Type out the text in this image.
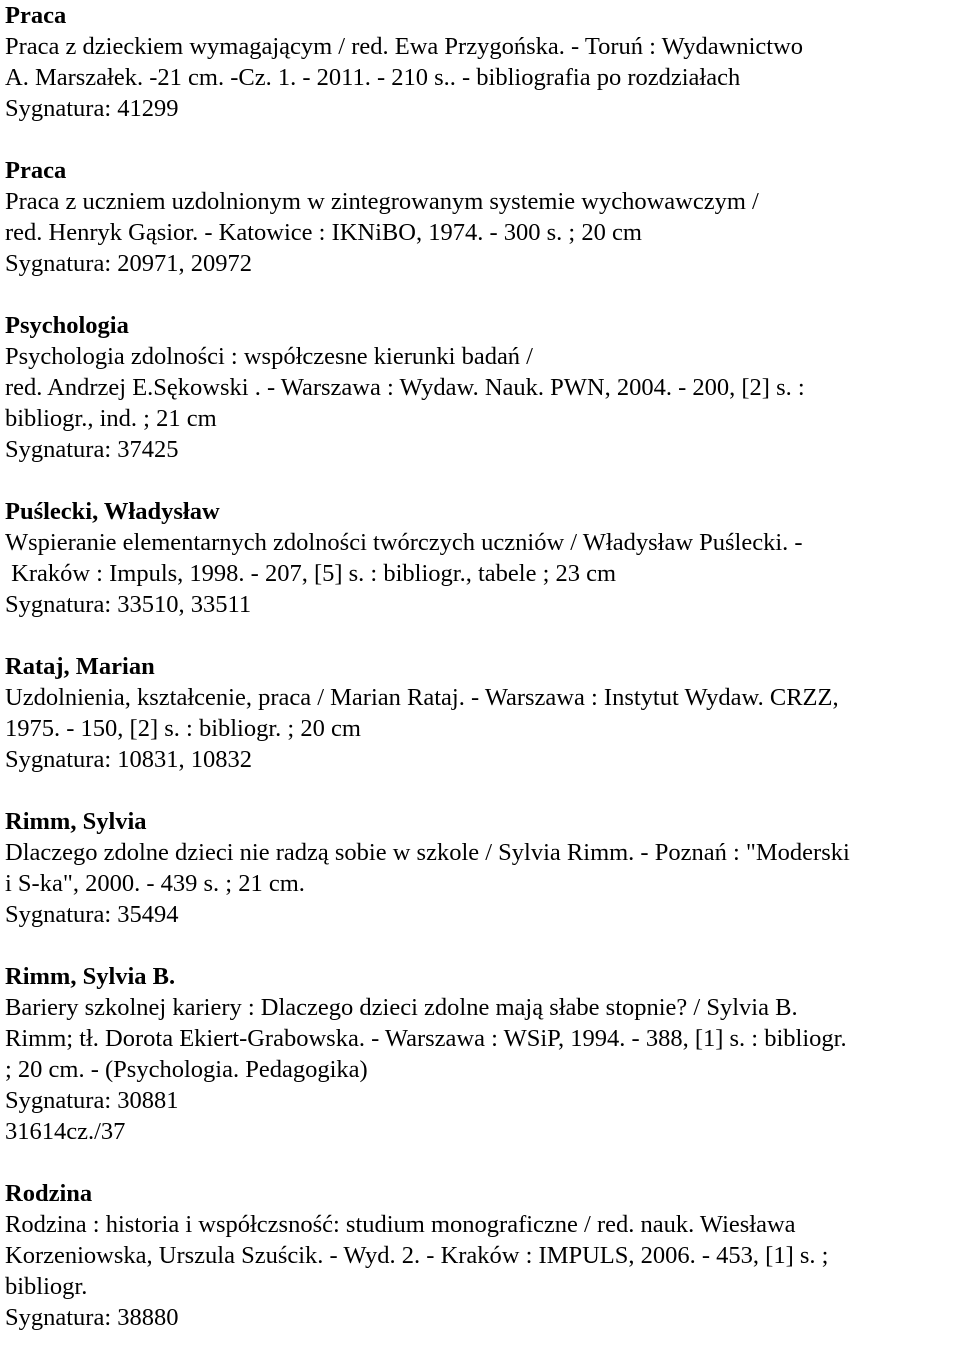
Praca
Praca z dzieckiem wymagającym / red. Ewa Przygońska. - Toruń : Wydawnictwo
A. Marszałek. -21 cm. -Cz. 1. - 2011. - 210 s.. - bibliografia po rozdziałach
Sygnatura: 41299
Praca
Praca z uczniem uzdolnionym w zintegrowanym systemie wychowawczym /
red. Henryk Gąsior. - Katowice : IKNiBO, 1974. - 300 s. ; 20 cm
Sygnatura: 20971, 20972
Psychologia
Psychologia zdolności : współczesne kierunki badań /
red. Andrzej E.Sękowski . - Warszawa : Wydaw. Nauk. PWN, 2004. - 200, [2] s. :
bibliogr., ind. ; 21 cm
Sygnatura: 37425
Puślecki, Władysław
Wspieranie elementarnych zdolności twórczych uczniów / Władysław Puślecki. -
Kraków : Impuls, 1998. - 207, [5] s. : bibliogr., tabele ; 23 cm
Sygnatura: 33510, 33511
Rataj, Marian
Uzdolnienia, kształcenie, praca / Marian Rataj. - Warszawa : Instytut Wydaw. CRZZ,
1975. - 150, [2] s. : bibliogr. ; 20 cm
Sygnatura: 10831, 10832
Rimm, Sylvia
Dlaczego zdolne dzieci nie radzą sobie w szkole / Sylvia Rimm. - Poznań : "Moderski
i S-ka", 2000. - 439 s. ; 21 cm.
Sygnatura: 35494
Rimm, Sylvia B.
Bariery szkolnej kariery : Dlaczego dzieci zdolne mają słabe stopnie? / Sylvia B.
Rimm; tł. Dorota Ekiert-Grabowska. - Warszawa : WSiP, 1994. - 388, [1] s. : bibliogr.
; 20 cm. - (Psychologia. Pedagogika)
Sygnatura: 30881
31614cz./37
Rodzina
Rodzina : historia i współczsność: studium monograficzne / red. nauk. Wiesława
Korzeniowska, Urszula Szuścik. - Wyd. 2. - Kraków : IMPULS, 2006. - 453, [1] s. ;
bibliogr.
Sygnatura: 38880
